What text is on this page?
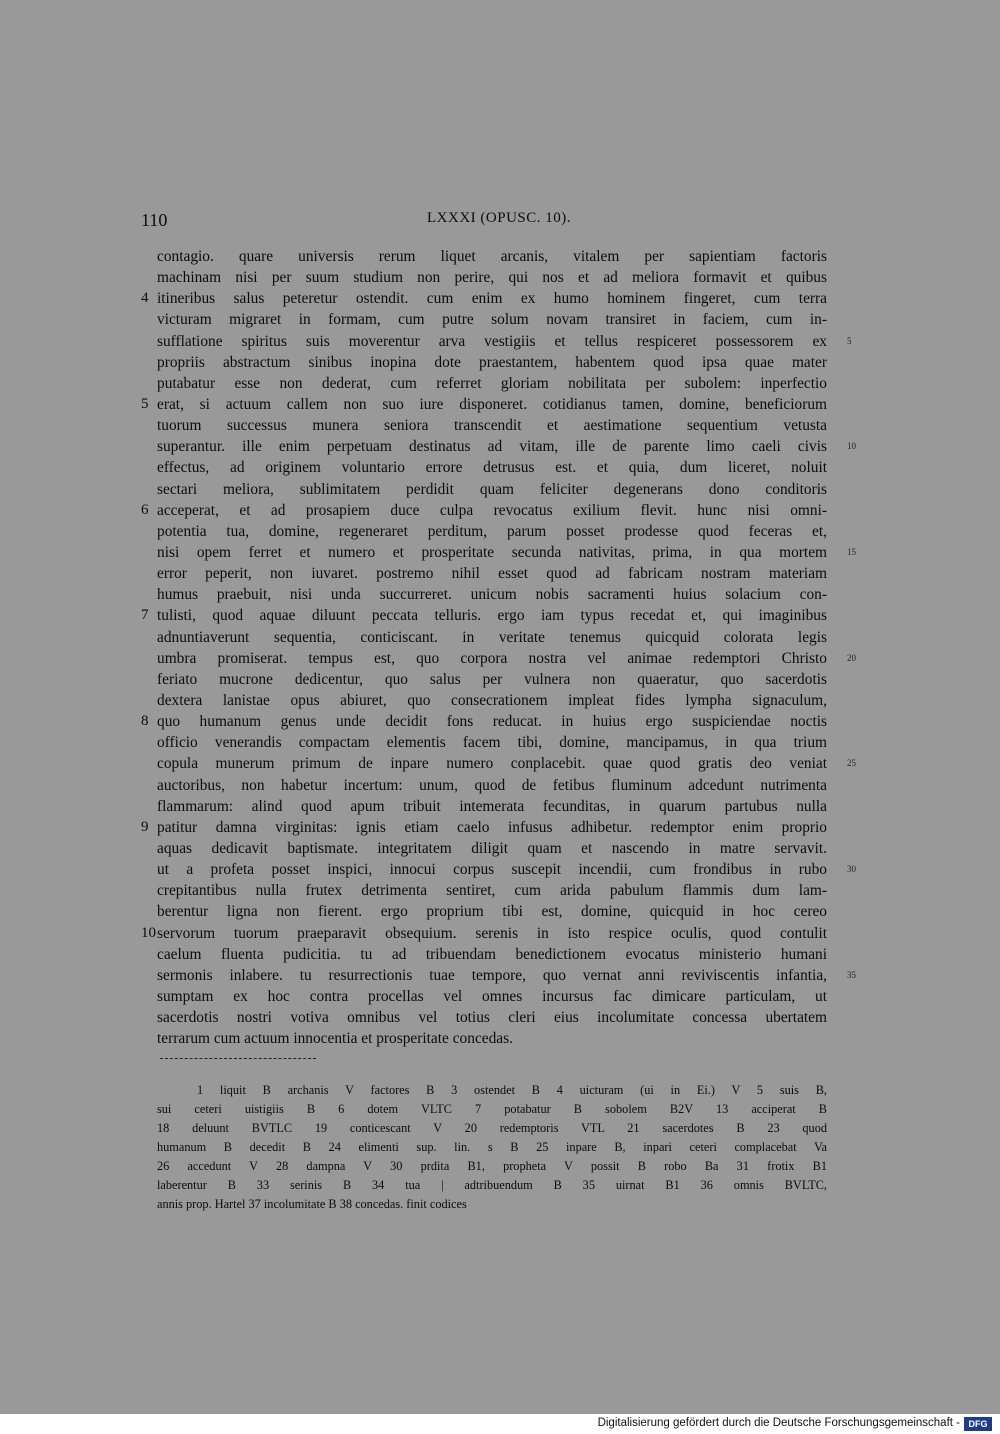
110	LXXXI (OPUSC. 10).
contagio. quare universis rerum liquet arcanis, vitalem per sapientiam factoris
machinam nisi per suum studium non perire, qui nos et ad meliora formavit et quibus
itineribus salus peteretur ostendit. cum enim ex humo hominem fingeret, cum terra
4
victuram migraret in formam, cum putre solum novam transiret in faciem, cum in-
sufflatione spiritus suis moverentur arva vestigiis et tellus respiceret possessorem ex 5
propriis abstractum sinibus inopina dote praestantem, habentem quod ipsa quae mater
putabatur esse non dederat, cum referret gloriam nobilitata per subolem: inperfectio
erat, si actuum callem non suo iure disponeret. cotidianus tamen, domine, beneficiorum
5
tuorum successus munera seniora transcendit et aestimatione sequentium vetusta
superantur. ille enim perpetuam destinatus ad vitam, ille de parente limo caeli civis 10
effectus, ad originem voluntario errore detrusus est. et quia, dum liceret, noluit
sectari meliora, sublimitatem perdidit quam feliciter degenerans dono conditoris
acceperat, et ad prosapiem duce culpa revocatus exilium flevit. hunc nisi omni-
6
potentia tua, domine, regeneraret perditum, parum posset prodesse quod feceras et,
nisi opem ferret et numero et prosperitate secunda nativitas, prima, in qua mortem 15
error peperit, non iuvaret. postremo nihil esset quod ad fabricam nostram materiam
humus praebuit, nisi unda succurreret. unicum nobis sacramenti huius solacium con-
tulisti, quod aquae diluunt peccata telluris. ergo iam typus recedat et, qui imaginibus
7
adnuntiaverunt sequentia, conticiscant. in veritate tenemus quicquid colorata legis
umbra promiserat. tempus est, quo corpora nostra vel animae redemptori Christo 20
feriato mucrone dedicentur, quo salus per vulnera non quaeratur, quo sacerdotis
dextera lanistae opus abiuret, quo consecrationem impleat fides lympha signaculum,
quo humanum genus unde decidit fons reducat. in huius ergo suspiciendae noctis
8
officio venerandis compactam elementis facem tibi, domine, mancipamus, in qua trium
copula munerum primum de inpare numero conplacebit. quae quod gratis deo veniat 25
auctoribus, non habetur incertum: unum, quod de fetibus fluminum adcedunt nutrimenta
flammarum: alind quod apum tribuit intemerata fecunditas, in quarum partubus nulla
patitur damna virginitas: ignis etiam caelo infusus adhibetur. redemptor enim proprio
9
aquas dedicavit baptismate. integritatem diligit quam et nascendo in matre servavit.
ut a profeta posset inspici, innocui corpus suscepit incendii, cum frondibus in rubo 30
crepitantibus nulla frutex detrimenta sentiret, cum arida pabulum flammis dum lam-
berentur ligna non fierent. ergo proprium tibi est, domine, quicquid in hoc cereo
servorum tuorum praeparavit obsequium. serenis in isto respice oculis, quod contulit
10
caelum fluenta pudicitia. tu ad tribuendam benedictionem evocatus ministerio humani
sermonis inlabere. tu resurrectionis tuae tempore, quo vernat anni reviviscentis infantia, 35
sumptam ex hoc contra procellas vel omnes incursus fac dimicare particulam, ut
sacerdotis nostri votiva omnibus vel totius cleri eius incolumitate concessa ubertatem
terrarum cum actuum innocentia et prosperitate concedas.
1 liquit B archanis V factores B 3 ostendet B 4 uicturam (ui in Ei.) V 5 suis B,
sui ceteri uistigiis B 6 dotem VLTC 7 potabatur B sobolem B2V 13 acciperat B
18 deluunt BVTLC 19 conticescant V 20 redemptoris VTL 21 sacerdotes B 23 quod
humanum B decedit B 24 elimenti sup. lin. s B 25 inpare B, inpari ceteri complacebat Va
26 accedunt V 28 dampna V 30 prdita B1, propheta V possit B robo Ba 31 frotix B1
laberentur B 33 serinis B 34 tua | adtribuendum B 35 uirnat B1 36 omnis BVLTC,
annis prop. Hartel 37 incolumitate B 38 concedas. finit codices
Digitalisierung gefördert durch die Deutsche Forschungsgemeinschaft - DFG
